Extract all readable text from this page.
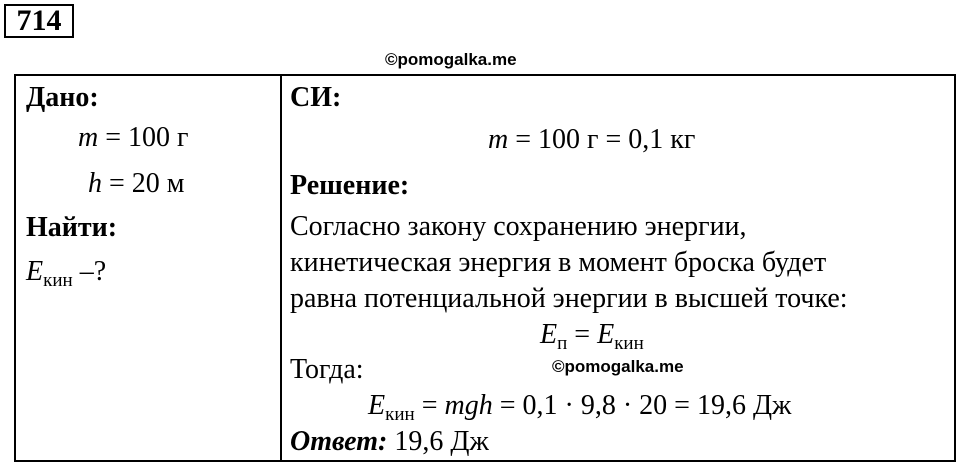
714
©pomogalka.me
Дано:
m = 100 г
h = 20 м
Найти:
$E_{кин}$ –?
СИ:
m = 100 г = 0,1 кг
Решение:
Согласно закону сохранению энергии,
кинетическая энергия в момент броска будет
равна потенциальной энергии в высшей точке:
$E_п = E_{кин}$
Тогда:
$E_{кин}$ = mgh = 0,1 · 9,8 · 20 = 19,6 Дж
Ответ: 19,6 Дж
©pomogalka.me
